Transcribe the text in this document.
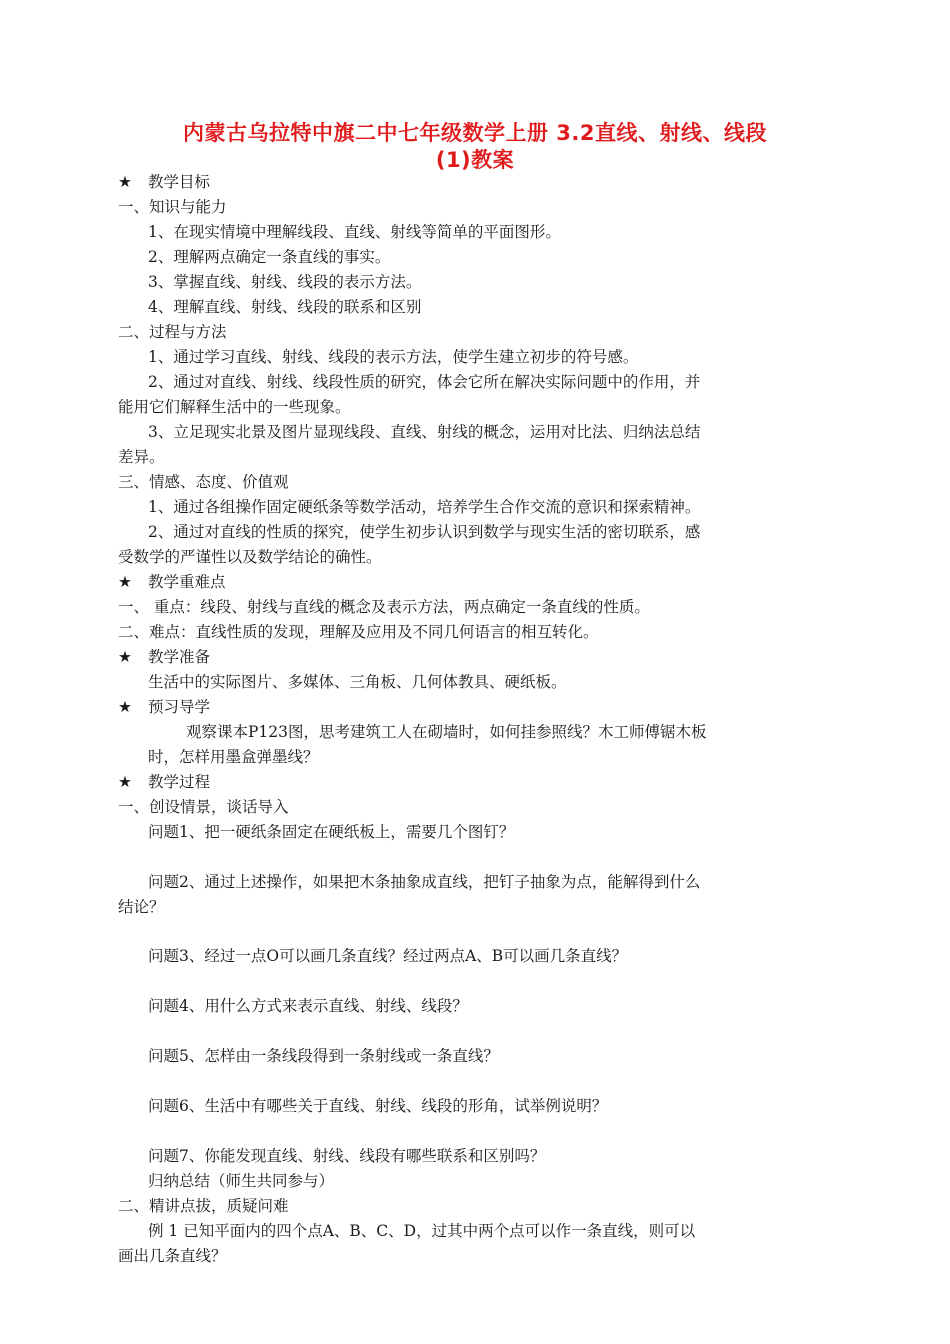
内蒙古乌拉特中旗二中七年级数学上册 3.2直线、射线、线段
(1)教案
★ 教学目标
一、知识与能力
1、在现实情境中理解线段、直线、射线等简单的平面图形。
2、理解两点确定一条直线的事实。
3、掌握直线、射线、线段的表示方法。
4、理解直线、射线、线段的联系和区别
二、过程与方法
1、通过学习直线、射线、线段的表示方法，使学生建立初步的符号感。
2、通过对直线、射线、线段性质的研究，体会它所在解决实际问题中的作用，并
能用它们解释生活中的一些现象。
3、立足现实北景及图片显现线段、直线、射线的概念，运用对比法、归纳法总结
差异。
三、情感、态度、价值观
1、通过各组操作固定硬纸条等数学活动，培养学生合作交流的意识和探索精神。
2、通过对直线的性质的探究，使学生初步认识到数学与现实生活的密切联系，感
受数学的严谨性以及数学结论的确性。
★ 教学重难点
一、 重点：线段、射线与直线的概念及表示方法，两点确定一条直线的性质。
二、难点：直线性质的发现，理解及应用及不同几何语言的相互转化。
★ 教学准备
生活中的实际图片、多媒体、三角板、几何体教具、硬纸板。
★ 预习导学
观察课本P123图，思考建筑工人在砌墙时，如何挂参照线？木工师傅锯木板
时，怎样用墨盒弹墨线？
★ 教学过程
一、创设情景，谈话导入
问题1、把一硬纸条固定在硬纸板上，需要几个图钉？
问题2、通过上述操作，如果把木条抽象成直线，把钉子抽象为点，能解得到什么
结论？
问题3、经过一点O可以画几条直线？经过两点A、B可以画几条直线？
问题4、用什么方式来表示直线、射线、线段？
问题5、怎样由一条线段得到一条射线或一条直线？
问题6、生活中有哪些关于直线、射线、线段的形角，试举例说明？
问题7、你能发现直线、射线、线段有哪些联系和区别吗？
归纳总结（师生共同参与）
二、精讲点拔，质疑问难
例 1 已知平面内的四个点A、B、C、D，过其中两个点可以作一条直线，则可以
画出几条直线？
